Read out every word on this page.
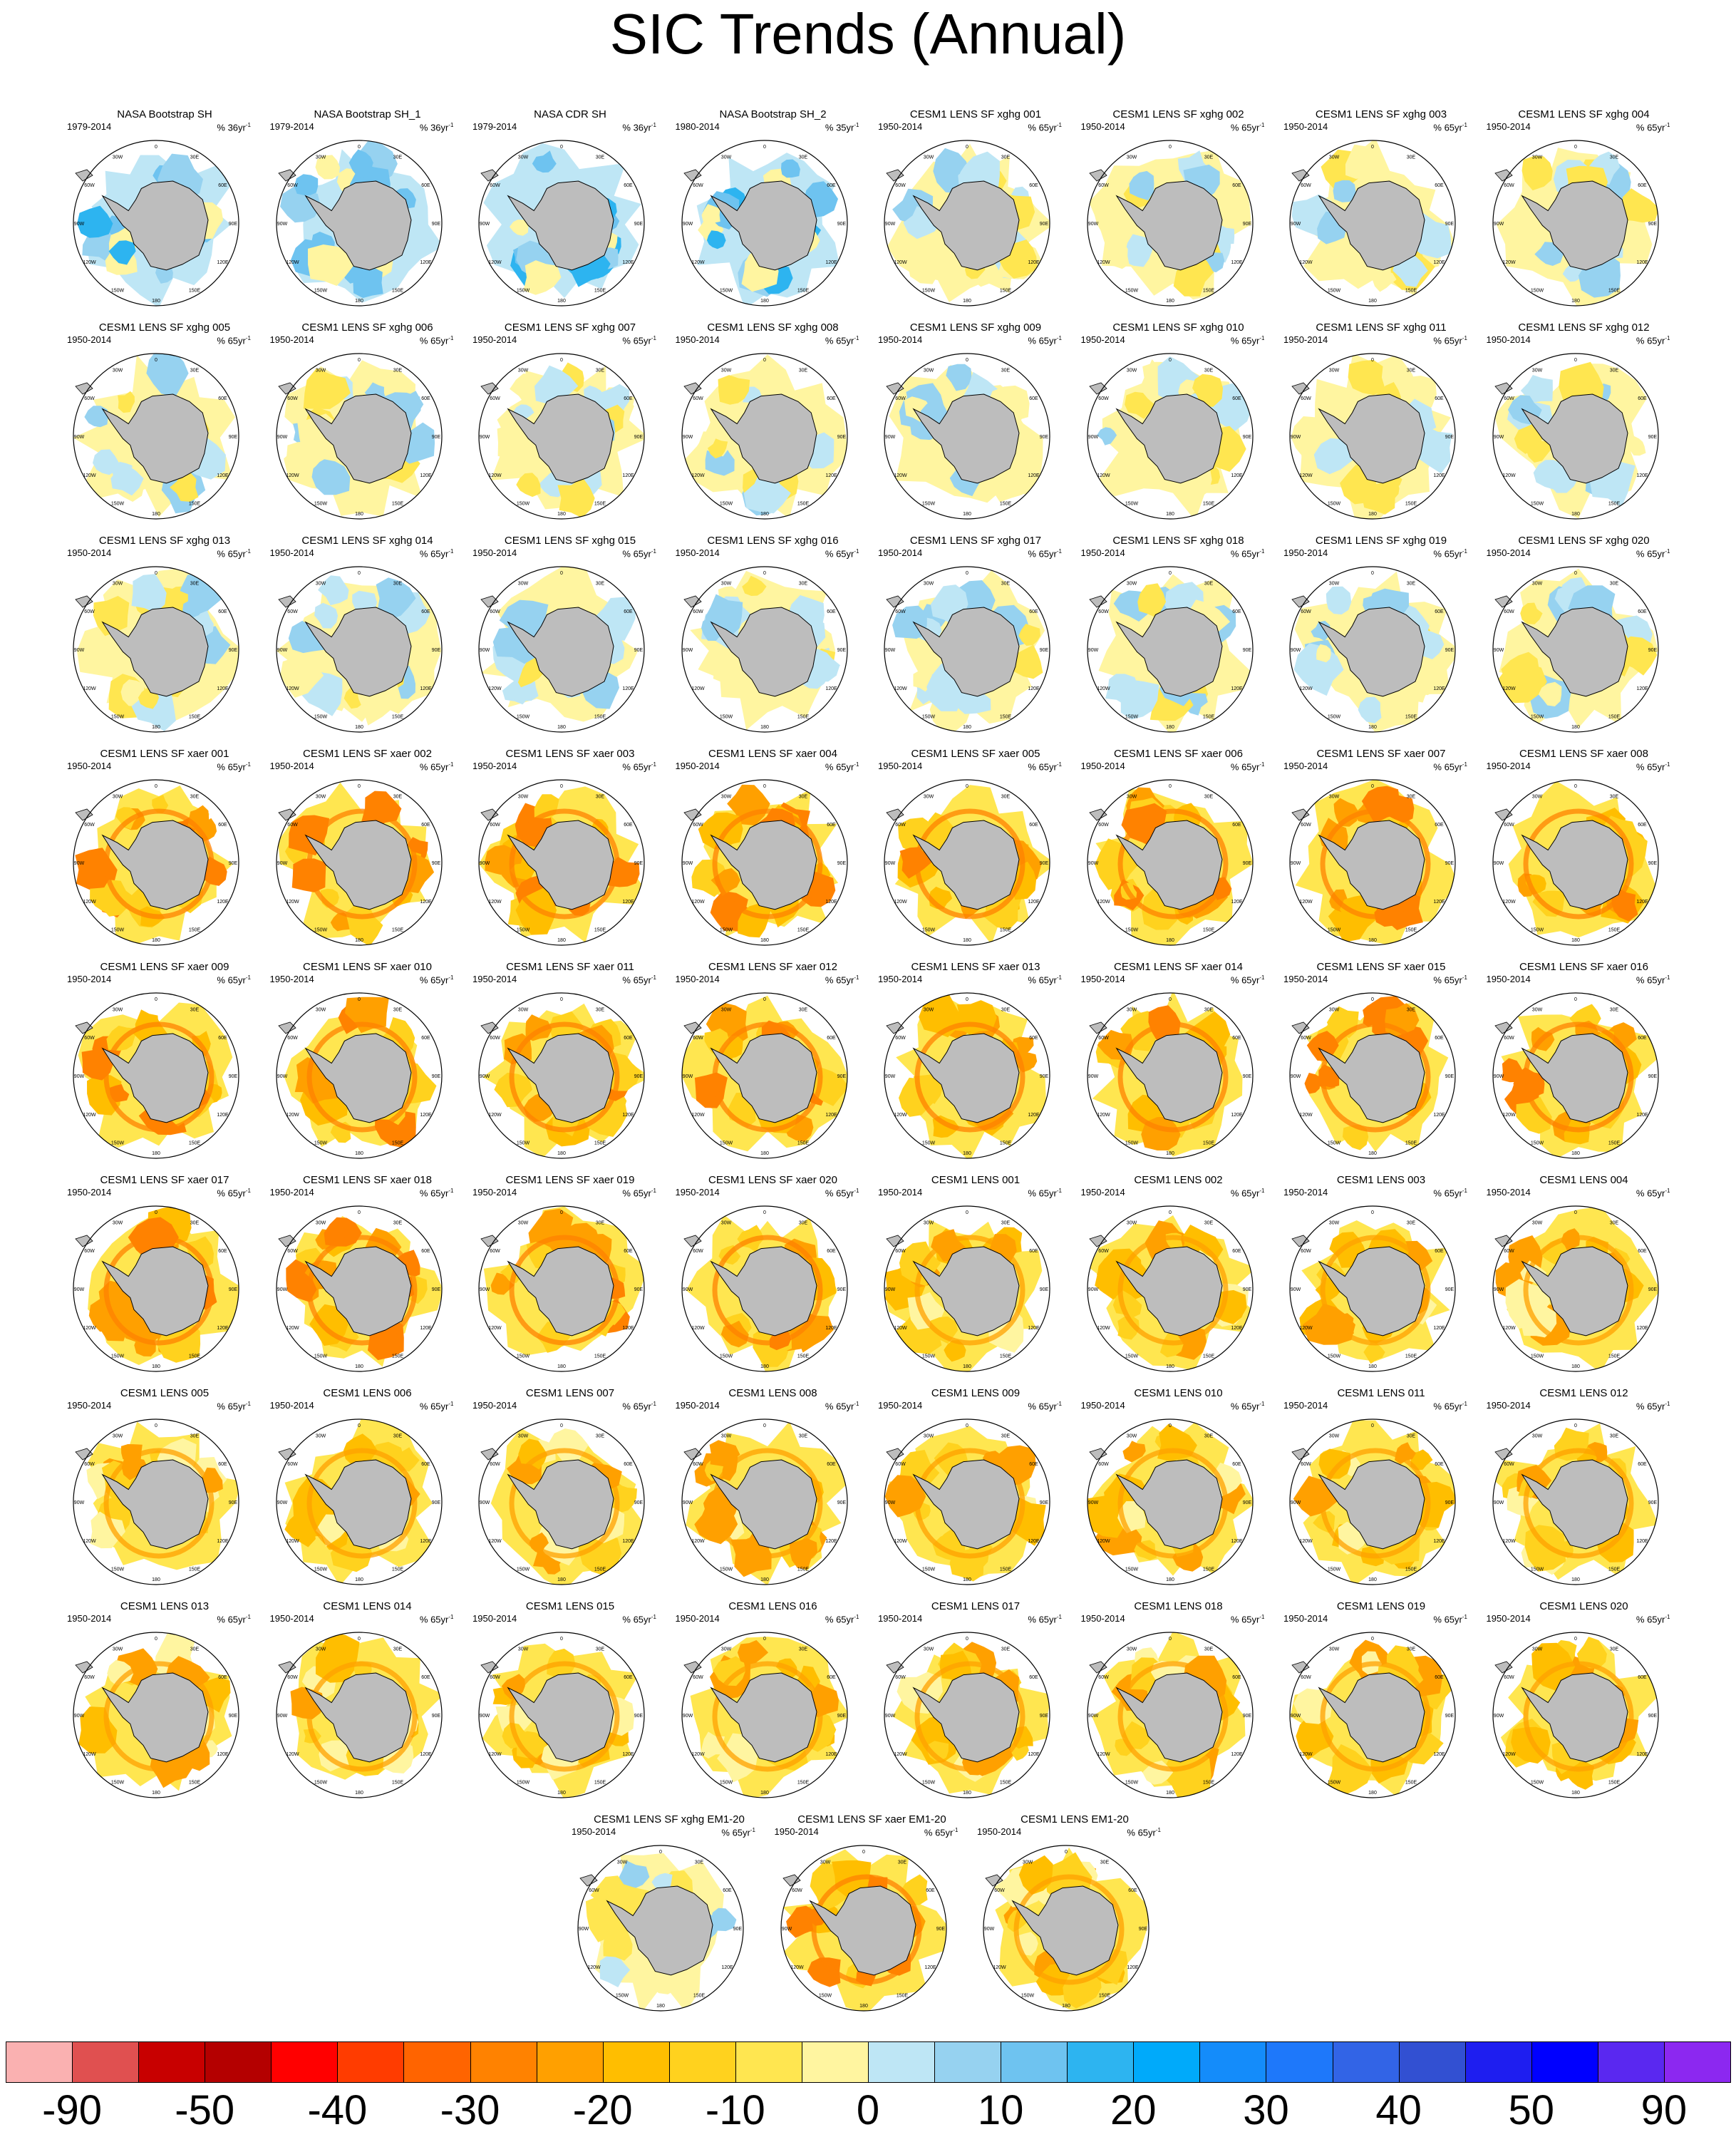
SIC Trends (Annual)
NASA Bootstrap SH
1979-2014	% $36yr^{-1}$
0
30E
60E
90E
120E
150E
180
150W
120W
90W
60W
30W
NASA Bootstrap SH_1
1979-2014	% $36yr^{-1}$
0
30E
60E
90E
120E
150E
180
150W
120W
90W
60W
30W
NASA CDR SH
1979-2014	% $36yr^{-1}$
0
30E
60E
90E
120E
150E
180
150W
120W
90W
60W
30W
NASA Bootstrap SH_2
1980-2014	% $35yr^{-1}$
0
30E
60E
90E
120E
150E
180
150W
120W
90W
60W
30W
CESM1 LENS SF xghg 001
1950-2014	% $65yr^{-1}$
0
30E
60E
90E
120E
150E
180
150W
120W
90W
60W
30W
CESM1 LENS SF xghg 002
1950-2014	% $65yr^{-1}$
0
30E
60E
90E
120E
150E
180
150W
120W
90W
60W
30W
CESM1 LENS SF xghg 003
1950-2014	% $65yr^{-1}$
0
30E
60E
90E
120E
150E
180
150W
120W
90W
60W
30W
CESM1 LENS SF xghg 004
1950-2014	% $65yr^{-1}$
0
30E
60E
90E
120E
150E
180
150W
120W
90W
60W
30W
CESM1 LENS SF xghg 005
1950-2014	% $65yr^{-1}$
0
30E
60E
90E
120E
150E
180
150W
120W
90W
60W
30W
CESM1 LENS SF xghg 006
1950-2014	% $65yr^{-1}$
0
30E
60E
90E
120E
150E
180
150W
120W
90W
60W
30W
CESM1 LENS SF xghg 007
1950-2014	% $65yr^{-1}$
0
30E
60E
90E
120E
150E
180
150W
120W
90W
60W
30W
CESM1 LENS SF xghg 008
1950-2014	% $65yr^{-1}$
0
30E
60E
90E
120E
150E
180
150W
120W
90W
60W
30W
CESM1 LENS SF xghg 009
1950-2014	% $65yr^{-1}$
0
30E
60E
90E
120E
150E
180
150W
120W
90W
60W
30W
CESM1 LENS SF xghg 010
1950-2014	% $65yr^{-1}$
0
30E
60E
90E
120E
150E
180
150W
120W
90W
60W
30W
CESM1 LENS SF xghg 011
1950-2014	% $65yr^{-1}$
0
30E
60E
90E
120E
150E
180
150W
120W
90W
60W
30W
CESM1 LENS SF xghg 012
1950-2014	% $65yr^{-1}$
0
30E
60E
90E
120E
150E
180
150W
120W
90W
60W
30W
CESM1 LENS SF xghg 013
1950-2014	% $65yr^{-1}$
0
30E
60E
90E
120E
150E
180
150W
120W
90W
60W
30W
CESM1 LENS SF xghg 014
1950-2014	% $65yr^{-1}$
0
30E
60E
90E
120E
150E
180
150W
120W
90W
60W
30W
CESM1 LENS SF xghg 015
1950-2014	% $65yr^{-1}$
0
30E
60E
90E
120E
150E
180
150W
120W
90W
60W
30W
CESM1 LENS SF xghg 016
1950-2014	% $65yr^{-1}$
0
30E
60E
90E
120E
150E
180
150W
120W
90W
60W
30W
CESM1 LENS SF xghg 017
1950-2014	% $65yr^{-1}$
0
30E
60E
90E
120E
150E
180
150W
120W
90W
60W
30W
CESM1 LENS SF xghg 018
1950-2014	% $65yr^{-1}$
0
30E
60E
90E
120E
150E
180
150W
120W
90W
60W
30W
CESM1 LENS SF xghg 019
1950-2014	% $65yr^{-1}$
0
30E
60E
90E
120E
150E
180
150W
120W
90W
60W
30W
CESM1 LENS SF xghg 020
1950-2014	% $65yr^{-1}$
0
30E
60E
90E
120E
150E
180
150W
120W
90W
60W
30W
CESM1 LENS SF xaer 001
1950-2014	% $65yr^{-1}$
0
30E
60E
90E
120E
150E
180
150W
120W
90W
60W
30W
CESM1 LENS SF xaer 002
1950-2014	% $65yr^{-1}$
0
30E
60E
90E
120E
150E
180
150W
120W
90W
60W
30W
CESM1 LENS SF xaer 003
1950-2014	% $65yr^{-1}$
0
30E
60E
90E
120E
150E
180
150W
120W
90W
60W
30W
CESM1 LENS SF xaer 004
1950-2014	% $65yr^{-1}$
0
30E
60E
90E
120E
150E
180
150W
120W
90W
60W
30W
CESM1 LENS SF xaer 005
1950-2014	% $65yr^{-1}$
0
30E
60E
90E
120E
150E
180
150W
120W
90W
60W
30W
CESM1 LENS SF xaer 006
1950-2014	% $65yr^{-1}$
0
30E
60E
90E
120E
150E
180
150W
120W
90W
60W
30W
CESM1 LENS SF xaer 007
1950-2014	% $65yr^{-1}$
0
30E
60E
90E
120E
150E
180
150W
120W
90W
60W
30W
CESM1 LENS SF xaer 008
1950-2014	% $65yr^{-1}$
0
30E
60E
90E
120E
150E
180
150W
120W
90W
60W
30W
CESM1 LENS SF xaer 009
1950-2014	% $65yr^{-1}$
0
30E
60E
90E
120E
150E
180
150W
120W
90W
60W
30W
CESM1 LENS SF xaer 010
1950-2014	% $65yr^{-1}$
0
30E
60E
90E
120E
150E
180
150W
120W
90W
60W
30W
CESM1 LENS SF xaer 011
1950-2014	% $65yr^{-1}$
0
30E
60E
90E
120E
150E
180
150W
120W
90W
60W
30W
CESM1 LENS SF xaer 012
1950-2014	% $65yr^{-1}$
0
30E
60E
90E
120E
150E
180
150W
120W
90W
60W
30W
CESM1 LENS SF xaer 013
1950-2014	% $65yr^{-1}$
0
30E
60E
90E
120E
150E
180
150W
120W
90W
60W
30W
CESM1 LENS SF xaer 014
1950-2014	% $65yr^{-1}$
0
30E
60E
90E
120E
150E
180
150W
120W
90W
60W
30W
CESM1 LENS SF xaer 015
1950-2014	% $65yr^{-1}$
0
30E
60E
90E
120E
150E
180
150W
120W
90W
60W
30W
CESM1 LENS SF xaer 016
1950-2014	% $65yr^{-1}$
0
30E
60E
90E
120E
150E
180
150W
120W
90W
60W
30W
CESM1 LENS SF xaer 017
1950-2014	% $65yr^{-1}$
0
30E
60E
90E
120E
150E
180
150W
120W
90W
60W
30W
CESM1 LENS SF xaer 018
1950-2014	% $65yr^{-1}$
0
30E
60E
90E
120E
150E
180
150W
120W
90W
60W
30W
CESM1 LENS SF xaer 019
1950-2014	% $65yr^{-1}$
0
30E
60E
90E
120E
150E
180
150W
120W
90W
60W
30W
CESM1 LENS SF xaer 020
1950-2014	% $65yr^{-1}$
0
30E
60E
90E
120E
150E
180
150W
120W
90W
60W
30W
CESM1 LENS 001
1950-2014	% $65yr^{-1}$
0
30E
60E
90E
120E
150E
180
150W
120W
90W
60W
30W
CESM1 LENS 002
1950-2014	% $65yr^{-1}$
0
30E
60E
90E
120E
150E
180
150W
120W
90W
60W
30W
CESM1 LENS 003
1950-2014	% $65yr^{-1}$
0
30E
60E
90E
120E
150E
180
150W
120W
90W
60W
30W
CESM1 LENS 004
1950-2014	% $65yr^{-1}$
0
30E
60E
90E
120E
150E
180
150W
120W
90W
60W
30W
CESM1 LENS 005
1950-2014	% $65yr^{-1}$
0
30E
60E
90E
120E
150E
180
150W
120W
90W
60W
30W
CESM1 LENS 006
1950-2014	% $65yr^{-1}$
0
30E
60E
90E
120E
150E
180
150W
120W
90W
60W
30W
CESM1 LENS 007
1950-2014	% $65yr^{-1}$
0
30E
60E
90E
120E
150E
180
150W
120W
90W
60W
30W
CESM1 LENS 008
1950-2014	% $65yr^{-1}$
0
30E
60E
90E
120E
150E
180
150W
120W
90W
60W
30W
CESM1 LENS 009
1950-2014	% $65yr^{-1}$
0
30E
60E
90E
120E
150E
180
150W
120W
90W
60W
30W
CESM1 LENS 010
1950-2014	% $65yr^{-1}$
0
30E
60E
90E
120E
150E
180
150W
120W
90W
60W
30W
CESM1 LENS 011
1950-2014	% $65yr^{-1}$
0
30E
60E
90E
120E
150E
180
150W
120W
90W
60W
30W
CESM1 LENS 012
1950-2014	% $65yr^{-1}$
0
30E
60E
90E
120E
150E
180
150W
120W
90W
60W
30W
CESM1 LENS 013
1950-2014	% $65yr^{-1}$
0
30E
60E
90E
120E
150E
180
150W
120W
90W
60W
30W
CESM1 LENS 014
1950-2014	% $65yr^{-1}$
0
30E
60E
90E
120E
150E
180
150W
120W
90W
60W
30W
CESM1 LENS 015
1950-2014	% $65yr^{-1}$
0
30E
60E
90E
120E
150E
180
150W
120W
90W
60W
30W
CESM1 LENS 016
1950-2014	% $65yr^{-1}$
0
30E
60E
90E
120E
150E
180
150W
120W
90W
60W
30W
CESM1 LENS 017
1950-2014	% $65yr^{-1}$
0
30E
60E
90E
120E
150E
180
150W
120W
90W
60W
30W
CESM1 LENS 018
1950-2014	% $65yr^{-1}$
0
30E
60E
90E
120E
150E
180
150W
120W
90W
60W
30W
CESM1 LENS 019
1950-2014	% $65yr^{-1}$
0
30E
60E
90E
120E
150E
180
150W
120W
90W
60W
30W
CESM1 LENS 020
1950-2014	% $65yr^{-1}$
0
30E
60E
90E
120E
150E
180
150W
120W
90W
60W
30W
CESM1 LENS SF xghg EM1-20
1950-2014	% $65yr^{-1}$
0
30E
60E
90E
120E
150E
180
150W
120W
90W
60W
30W
CESM1 LENS SF xaer EM1-20
1950-2014	% $65yr^{-1}$
0
30E
60E
90E
120E
150E
180
150W
120W
90W
60W
30W
CESM1 LENS EM1-20
1950-2014	% $65yr^{-1}$
0
30E
60E
90E
120E
150E
180
150W
120W
90W
60W
30W
-90	-50	-40	-30	-20	-10	0	10	20	30	40	50	90
